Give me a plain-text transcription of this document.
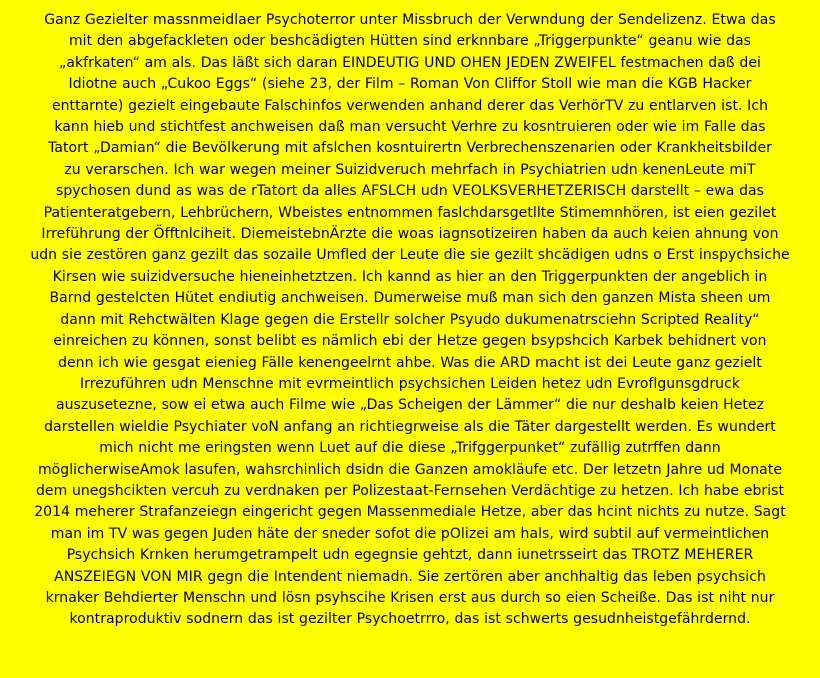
Ganz Gezielter massnmeidlaer Psychoterror unter Missbruch der Verwndung der Sendelizenz. Etwa das
mit den abgefackleten oder beshcädigten Hütten sind erknnbare „Triggerpunkte“ geanu wie das
„akfrkaten“ am als. Das läßt sich daran EINDEUTIG UND OHEN JEDEN ZWEIFEL festmachen daß dei
Idiotne auch „Cukoo Eggs“ (siehe 23, der Film – Roman Von Cliffor Stoll wie man die KGB Hacker
enttarnte) gezielt eingebaute Falschinfos verwenden anhand derer das VerhörTV zu entlarven ist. Ich
kann hieb und stichtfest anchweisen daß man versucht Verhre zu kosntruieren oder wie im Falle das
Tatort „Damian“ die Bevölkerung mit afslchen kosntuirertn Verbrechenszenarien oder Krankheitsbilder
zu verarschen. Ich war wegen meiner Suizidveruch mehrfach in Psychiatrien udn kenenLeute miT
spychosen dund as was de rTatort da alles AFSLCH udn VEOLKSVERHETZERISCH darstellt – ewa das
Patienteratgebern, Lehbrüchern, Wbeistes entnommen faslchdarsgetllte Stimemnhören, ist eien gezilet
Irreführung der Öfftnlciheit. DiemeistebnÄrzte die woas iagnsotizeiren haben da auch keien ahnung von
udn sie zestören ganz gezilt das sozaile Umfled der Leute die sie gezilt shcädigen udns o Erst inspychsiche
Kirsen wie suizidversuche hieneinhetztzen. Ich kannd as hier an den Triggerpunkten der angeblich in
Barnd gestelcten Hütet endiutig anchweisen. Dumerweise muß man sich den ganzen Mista sheen um
dann mit Rehctwälten Klage gegen die Erstellr solcher Psyudo dukumenatrsciehn Scripted Reality“
einreichen zu können, sonst belibt es nämlich ebi der Hetze gegen bsypshcich Karbek behidnert von
denn ich wie gesgat eienieg Fälle kenengeelrnt ahbe. Was die ARD macht ist dei Leute ganz gezielt
Irrezuführen udn Menschne mit evrmeintlich psychsichen Leiden hetez udn Evroflgunsgdruck
auszusetezne, sow ei etwa auch Filme wie „Das Scheigen der Lämmer“ die nur deshalb keien Hetez
darstellen wieldie Psychiater voN anfang an richtiegrweise als die Täter dargestellt werden. Es wundert
mich nicht me eringsten wenn Luet auf die diese „Trifggerpunket“ zufällig zutrffen dann
möglicherwiseAmok lasufen, wahsrchinlich dsidn die Ganzen amokläufe etc. Der letzetn Jahre ud Monate
dem unegshcikten vercuh zu verdnaken per Polizestaat-Fernsehen Verdächtige zu hetzen. Ich habe ebrist
2014 meherer Strafanzeiegn eingericht gegen Massenmediale Hetze, aber das hcint nichts zu nutze. Sagt
man im TV was gegen Juden häte der sneder sofot die pOlizei am hals, wird subtil auf vermeintlichen
Psychsich Krnken herumgetrampelt udn egegnsie gehtzt, dann iunetrsseirt das TROTZ MEHERER
ANSZEIEGN VON MIR gegn die Intendent niemadn. Sie zertören aber anchhaltig das leben psychsich
krnaker Behdierter Menschn und lösn psyhscihe Krisen erst aus durch so eien Scheiße. Das ist niht nur
kontraproduktiv sodnern das ist gezilter Psychoetrrro, das ist schwerts gesudnheistgefährdernd.
